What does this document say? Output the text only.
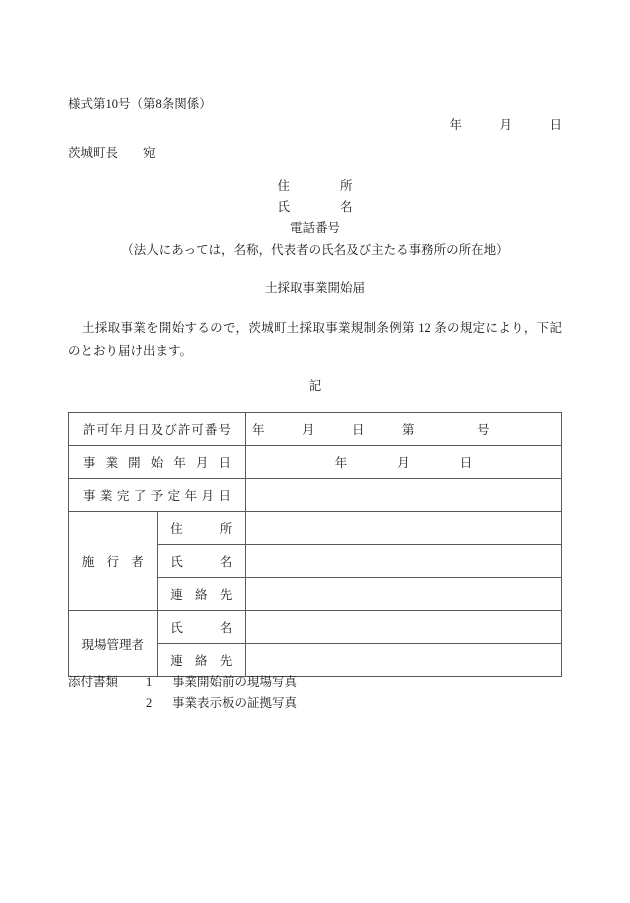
様式第10号（第8条関係）
年　　　月　　　日
茨城町長　　宛
住　　　　所
氏　　　　名
電話番号
（法人にあっては，名称，代表者の氏名及び主たる事務所の所在地）
土採取事業開始届
土採取事業を開始するので，茨城町土採取事業規制条例第 12 条の規定により，下記のとおり届け出ます。
記
許可年月日及び許可番号		年　　　月　　　日　　　第　　　　　号

事業開始年月日		年　　　　月　　　　日

事業完了予定年月日		

施行者	住所	

	氏名	

	連絡先	

現場管理者	氏名	

	連絡先	

添付書類	1	事業開始前の現場写真
2	事業表示板の証拠写真
